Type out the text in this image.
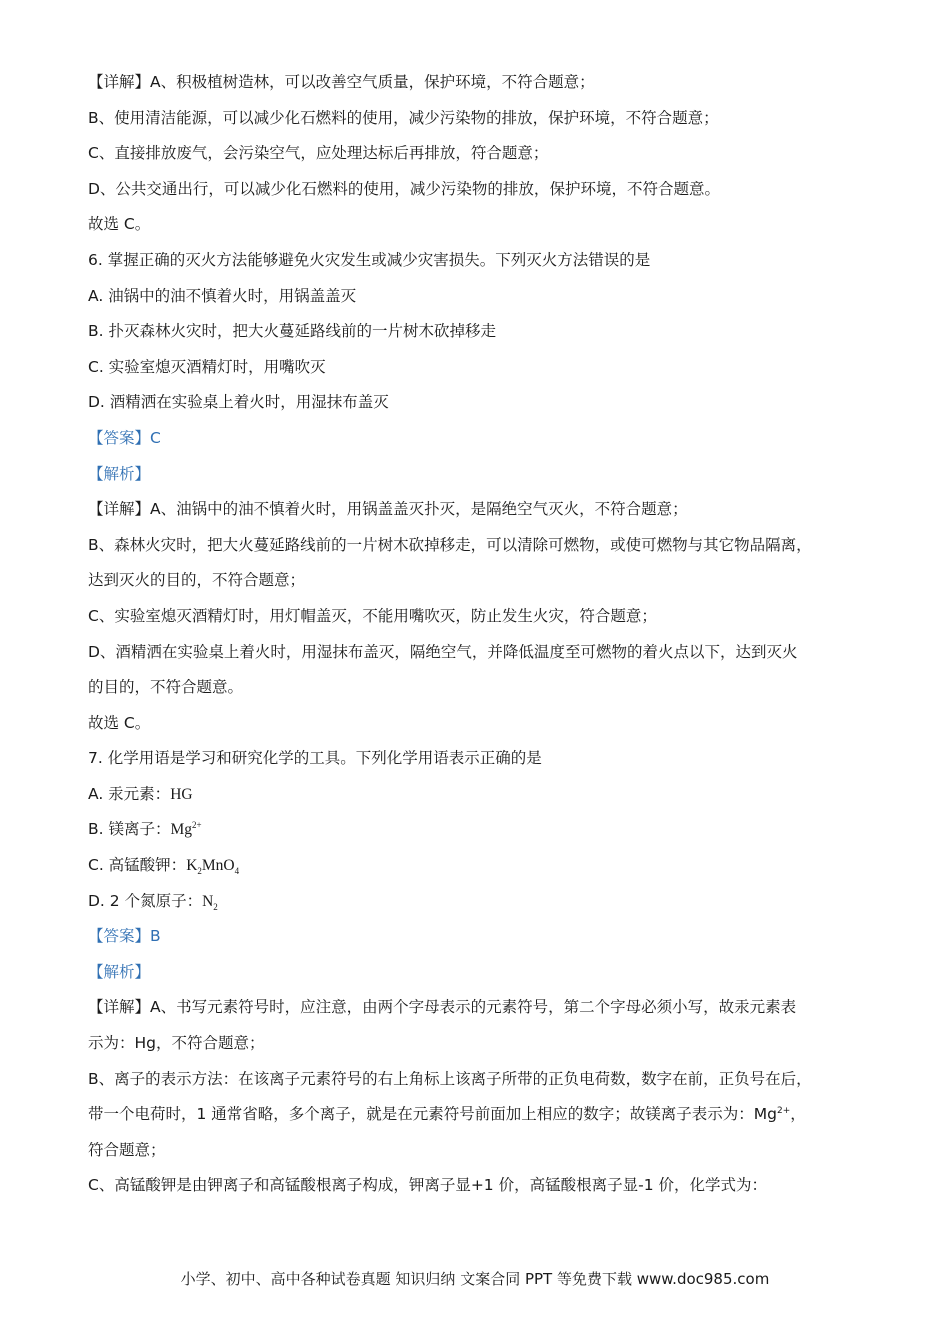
【详解】A、积极植树造林，可以改善空气质量，保护环境，不符合题意；
B、使用清洁能源，可以减少化石燃料的使用，减少污染物的排放，保护环境，不符合题意；
C、直接排放废气，会污染空气，应处理达标后再排放，符合题意；
D、公共交通出行，可以减少化石燃料的使用，减少污染物的排放，保护环境，不符合题意。
故选 C。
6. 掌握正确的灭火方法能够避免火灾发生或减少灾害损失。下列灭火方法错误的是
A. 油锅中的油不慎着火时，用锅盖盖灭
B. 扑灭森林火灾时，把大火蔓延路线前的一片树木砍掉移走
C. 实验室熄灭酒精灯时，用嘴吹灭
D. 酒精洒在实验桌上着火时，用湿抹布盖灭
【答案】C
【解析】
【详解】A、油锅中的油不慎着火时，用锅盖盖灭扑灭，是隔绝空气灭火，不符合题意；
B、森林火灾时，把大火蔓延路线前的一片树木砍掉移走，可以清除可燃物，或使可燃物与其它物品隔离，
达到灭火的目的，不符合题意；
C、实验室熄灭酒精灯时，用灯帽盖灭，不能用嘴吹灭，防止发生火灾，符合题意；
D、酒精洒在实验桌上着火时，用湿抹布盖灭，隔绝空气，并降低温度至可燃物的着火点以下，达到灭火
的目的，不符合题意。
故选 C。
7. 化学用语是学习和研究化学的工具。下列化学用语表示正确的是
A. 汞元素：HG
B. 镁离子：$Mg^{2+}$
C. 高锰酸钾：$K_2MnO_4$
D. 2 个氮原子：$N_2$
【答案】B
【解析】
【详解】A、书写元素符号时，应注意，由两个字母表示的元素符号，第二个字母必须小写，故汞元素表
示为：Hg，不符合题意；
B、离子的表示方法：在该离子元素符号的右上角标上该离子所带的正负电荷数，数字在前，正负号在后，
带一个电荷时，1 通常省略，多个离子，就是在元素符号前面加上相应的数字；故镁离子表示为：$Mg^{2+}$，
符合题意；
C、高锰酸钾是由钾离子和高锰酸根离子构成，钾离子显+1 价，高锰酸根离子显-1 价，化学式为：
小学、初中、高中各种试卷真题 知识归纳 文案合同 PPT 等免费下载 www.doc985.com
